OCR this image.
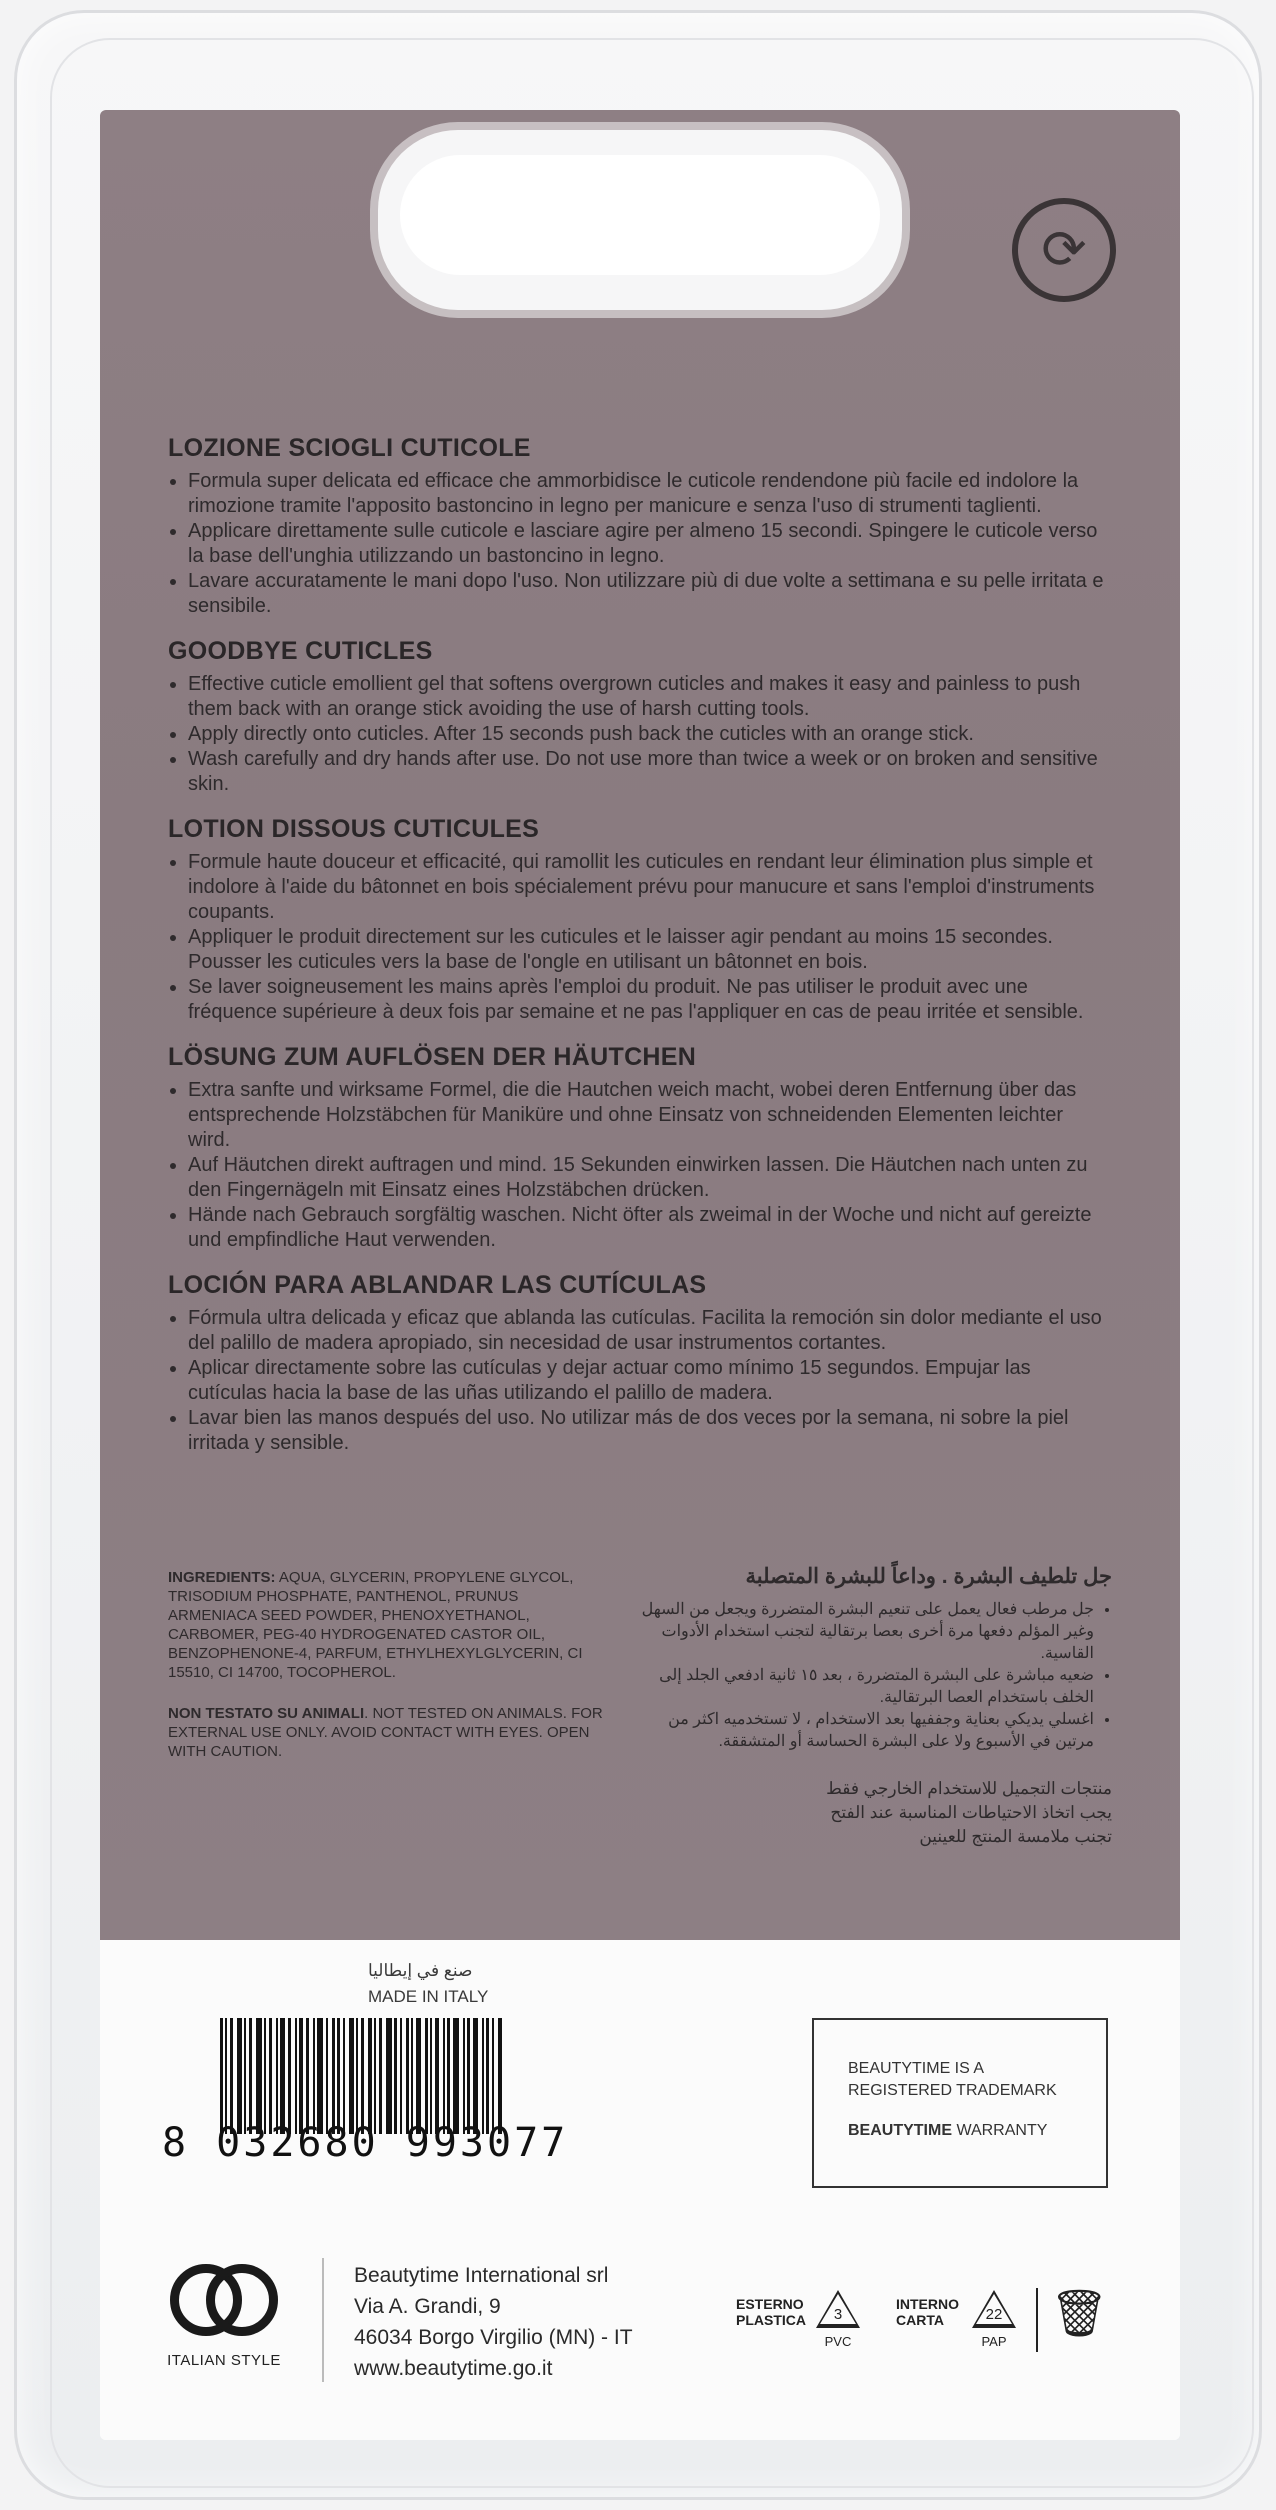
⟳
LOZIONE SCIOGLI CUTICOLE
• Formula super delicata ed efficace che ammorbidisce le cuticole rendendone più facile ed indolore la rimozione tramite l'apposito bastoncino in legno per manicure e senza l'uso di strumenti taglienti.
• Applicare direttamente sulle cuticole e lasciare agire per almeno 15 secondi. Spingere le cuticole verso la base dell'unghia utilizzando un bastoncino in legno.
• Lavare accuratamente le mani dopo l'uso. Non utilizzare più di due volte a settimana e su pelle irritata e sensibile.
GOODBYE CUTICLES
• Effective cuticle emollient gel that softens overgrown cuticles and makes it easy and painless to push them back with an orange stick avoiding the use of harsh cutting tools.
• Apply directly onto cuticles. After 15 seconds push back the cuticles with an orange stick.
• Wash carefully and dry hands after use. Do not use more than twice a week or on broken and sensitive skin.
LOTION DISSOUS CUTICULES
• Formule haute douceur et efficacité, qui ramollit les cuticules en rendant leur élimination plus simple et indolore à l'aide du bâtonnet en bois spécialement prévu pour manucure et sans l'emploi d'instruments coupants.
• Appliquer le produit directement sur les cuticules et le laisser agir pendant au moins 15 secondes. Pousser les cuticules vers la base de l'ongle en utilisant un bâtonnet en bois.
• Se laver soigneusement les mains après l'emploi du produit. Ne pas utiliser le produit avec une fréquence supérieure à deux fois par semaine et ne pas l'appliquer en cas de peau irritée et sensible.
LÖSUNG ZUM AUFLÖSEN DER HÄUTCHEN
• Extra sanfte und wirksame Formel, die die Hautchen weich macht, wobei deren Entfernung über das entsprechende Holzstäbchen für Maniküre und ohne Einsatz von schneidenden Elementen leichter wird.
• Auf Häutchen direkt auftragen und mind. 15 Sekunden einwirken lassen. Die Häutchen nach unten zu den Fingernägeln mit Einsatz eines Holzstäbchen drücken.
• Hände nach Gebrauch sorgfältig waschen. Nicht öfter als zweimal in der Woche und nicht auf gereizte und empfindliche Haut verwenden.
LOCIÓN PARA ABLANDAR LAS CUTÍCULAS
• Fórmula ultra delicada y eficaz que ablanda las cutículas. Facilita la remoción sin dolor mediante el uso del palillo de madera apropiado, sin necesidad de usar instrumentos cortantes.
• Aplicar directamente sobre las cutículas y dejar actuar como mínimo 15 segundos. Empujar las cutículas hacia la base de las uñas utilizando el palillo de madera.
• Lavar bien las manos después del uso. No utilizar más de dos veces por la semana, ni sobre la piel irritada y sensible.

INGREDIENTS: AQUA, GLYCERIN, PROPYLENE GLYCOL, TRISODIUM PHOSPHATE, PANTHENOL, PRUNUS ARMENIACA SEED POWDER, PHENOXYETHANOL, CARBOMER, PEG-40 HYDROGENATED CASTOR OIL, BENZOPHENONE-4, PARFUM, ETHYLHEXYLGLYCERIN, CI 15510, CI 14700, TOCOPHEROL.

NON TESTATO SU ANIMALI. NOT TESTED ON ANIMALS. FOR EXTERNAL USE ONLY. AVOID CONTACT WITH EYES. OPEN WITH CAUTION.

جل تلطيف البشرة . وداعاً للبشرة المتصلبة
• جل مرطب فعال يعمل على تنعيم البشرة المتضررة ويجعل من السهل وغير المؤلم دفعها مرة أخرى بعصا برتقالية لتجنب استخدام الأدوات القاسية.
• ضعيه مباشرة على البشرة المتضررة ، بعد ١٥ ثانية ادفعي الجلد إلى الخلف باستخدام العصا البرتقالية.
• اغسلي يديكي بعناية وجففيها بعد الاستخدام ، لا تستخدميه اكثر من مرتين في الأسبوع ولا على البشرة الحساسة أو المتشققة.
منتجات التجميل للاستخدام الخارجي فقط
يجب اتخاذ الاحتياطات المناسبة عند الفتح
تجنب ملامسة المنتج للعينين
صنع في إيطاليا
MADE IN ITALY
8 032680 993077

BEAUTYTIME IS A
REGISTERED TRADEMARK

BEAUTYTIME WARRANTY

ITALIAN STYLE
Beautytime International srl
Via A. Grandi, 9
46034 Borgo Virgilio (MN) - IT
www.beautytime.go.it
ESTERNO
PLASTICA	3
PVC
INTERNO
CARTA	22
PAP
🗑
